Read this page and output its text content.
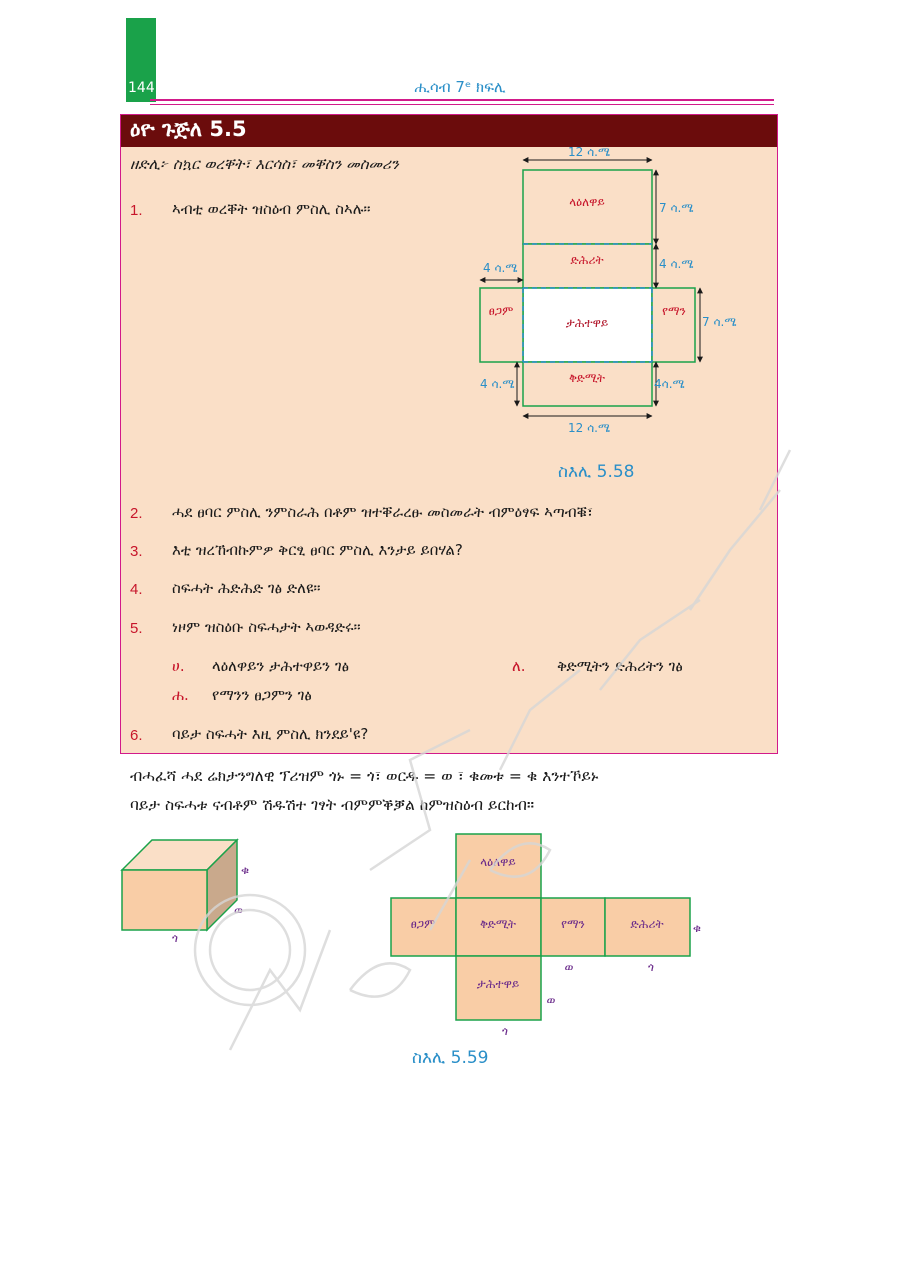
144	ሒሳብ 7ᵉ ክፍሊ
ዕዮ ጉጅለ 5.5
ዘድሊ፦ ስኳር ወረቐት፣ እርሳስ፣ መቐስን መስመሪን
1. ኣብቲ ወረቐት ዝስዕብ ምስሊ ስኣሉ።	ላዕለዋይ
ድሕሪት
ፀጋም
ታሕተዋይ
የማን
ቅድሚት
12 ሳ.ሜ
7 ሳ.ሜ
4 ሳ.ሜ
4 ሳ.ሜ
7 ሳ.ሜ
4 ሳ.ሜ	4ሳ.ሜ
12 ሳ.ሜ
ስእሊ 5.58
2. ሓደ ፀባር ምስሊ ንምስራሕ በቶም ዝተቐራረፁ መስመራት ብምዕፃፍ ኣጣብቑ፣
3. እቲ ዝረኸብኩምዎ ቅርፂ ፀባር ምስሊ እንታይ ይበሃል?
4. ስፍሓት ሕድሕድ ገፅ ድለዩ።
5. ነዞም ዝስዕቡ ስፍሓታት ኣወዳድሩ።
ሀ. ላዕለዋይን ታሕተዋይን ገፅ	ለ. ቅድሚትን ድሕሪትን ገፅ
ሐ. የማንን ፀጋምን ገፅ
6. ባይታ ስፍሓት እዚ ምስሊ ክንደይ'ዩ?
ብሓፈሻ ሓደ ሬክታንግለዊ ፕሪዝም ጎኑ = ጎ፣ ወርዱ = ወ ፣ ቁመቱ = ቁ እንተኾይኑ
ባይታ ስፍሓቱ ናብቶም ሽዱሽተ ገፃት ብምምቕቓል ከምዝስዕብ ይርከብ።
ቁ
ወ
ጎ
ላዕለዋይ
ፀጋም	ቅድሚት	የማን	ድሕሪት
ታሕተዋይ
ቁ
ወ	ጎ
ወ
ጎ
ስእሊ 5.59
